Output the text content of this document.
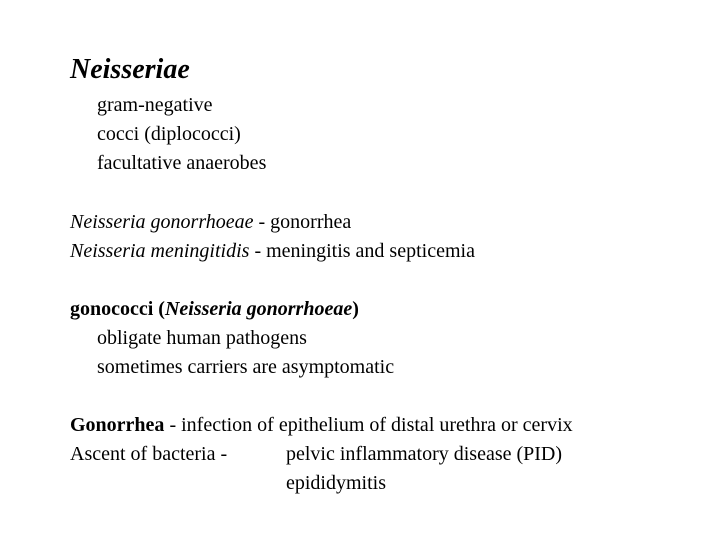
Neisseriae
gram-negative
cocci (diplococci)
facultative anaerobes
Neisseria gonorrhoeae - gonorrhea
Neisseria meningitidis - meningitis and septicemia
gonococci (Neisseria gonorrhoeae)
obligate human pathogens
sometimes carriers are asymptomatic
Gonorrhea - infection of epithelium of distal urethra or cervix
Ascent of bacteria -	pelvic inflammatory disease (PID)
epididymitis
